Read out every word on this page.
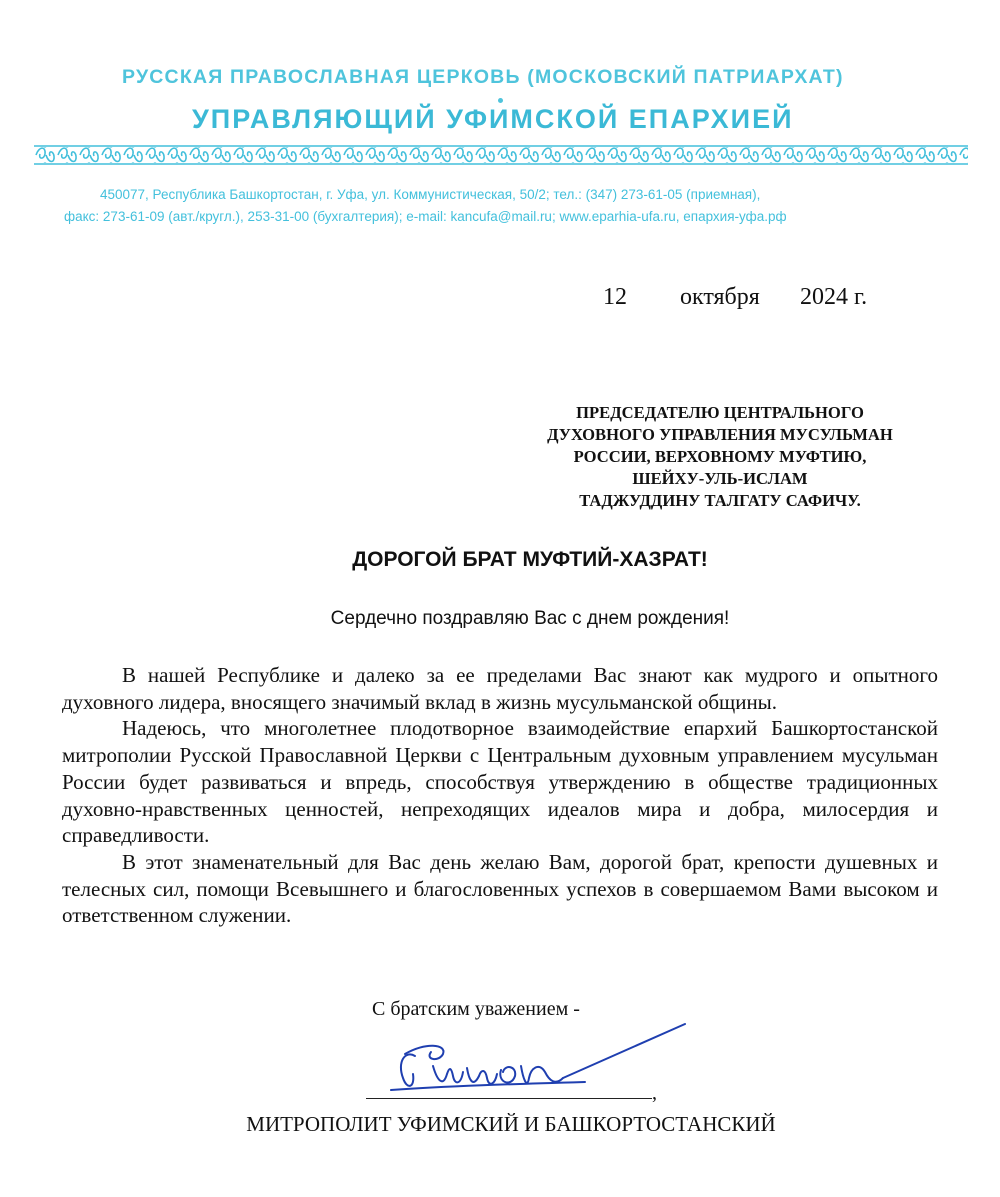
РУССКАЯ ПРАВОСЛАВНАЯ ЦЕРКОВЬ (МОСКОВСКИЙ ПАТРИАРХАТ)
УПРАВЛЯЮЩИЙ УФИМСКОЙ ЕПАРХИЕЙ
450077, Республика Башкортостан, г. Уфа, ул. Коммунистическая, 50/2; тел.: (347) 273-61-05 (приемная),
факс: 273-61-09 (авт./кругл.), 253-31-00 (бухгалтерия); e-mail: kancufa@mail.ru; www.eparhia-ufa.ru, епархия-уфа.рф
12 октября 2024 г.
ПРЕДСЕДАТЕЛЮ ЦЕНТРАЛЬНОГО
ДУХОВНОГО УПРАВЛЕНИЯ МУСУЛЬМАН
РОССИИ, ВЕРХОВНОМУ МУФТИЮ,
ШЕЙХУ-УЛЬ-ИСЛАМ
ТАДЖУДДИНУ ТАЛГАТУ САФИЧУ.
ДОРОГОЙ БРАТ МУФТИЙ-ХАЗРАТ!
Сердечно поздравляю Вас с днем рождения!

В нашей Республике и далеко за ее пределами Вас знают как мудрого и опытного духовного лидера, вносящего значимый вклад в жизнь мусульманской общины.

Надеюсь, что многолетнее плодотворное взаимодействие епархий Башкортостанской митрополии Русской Православной Церкви с Центральным духовным управлением мусульман России будет развиваться и впредь, способствуя утверждению в обществе традиционных духовно-нравственных ценностей, непреходящих идеалов мира и добра, милосердия и справедливости.

В этот знаменательный для Вас день желаю Вам, дорогой брат, крепости душевных и телесных сил, помощи Всевышнего и благословенных успехов в совершаемом Вами высоком и ответственном служении.

С братским уважением -
,
МИТРОПОЛИТ УФИМСКИЙ И БАШКОРТОСТАНСКИЙ
